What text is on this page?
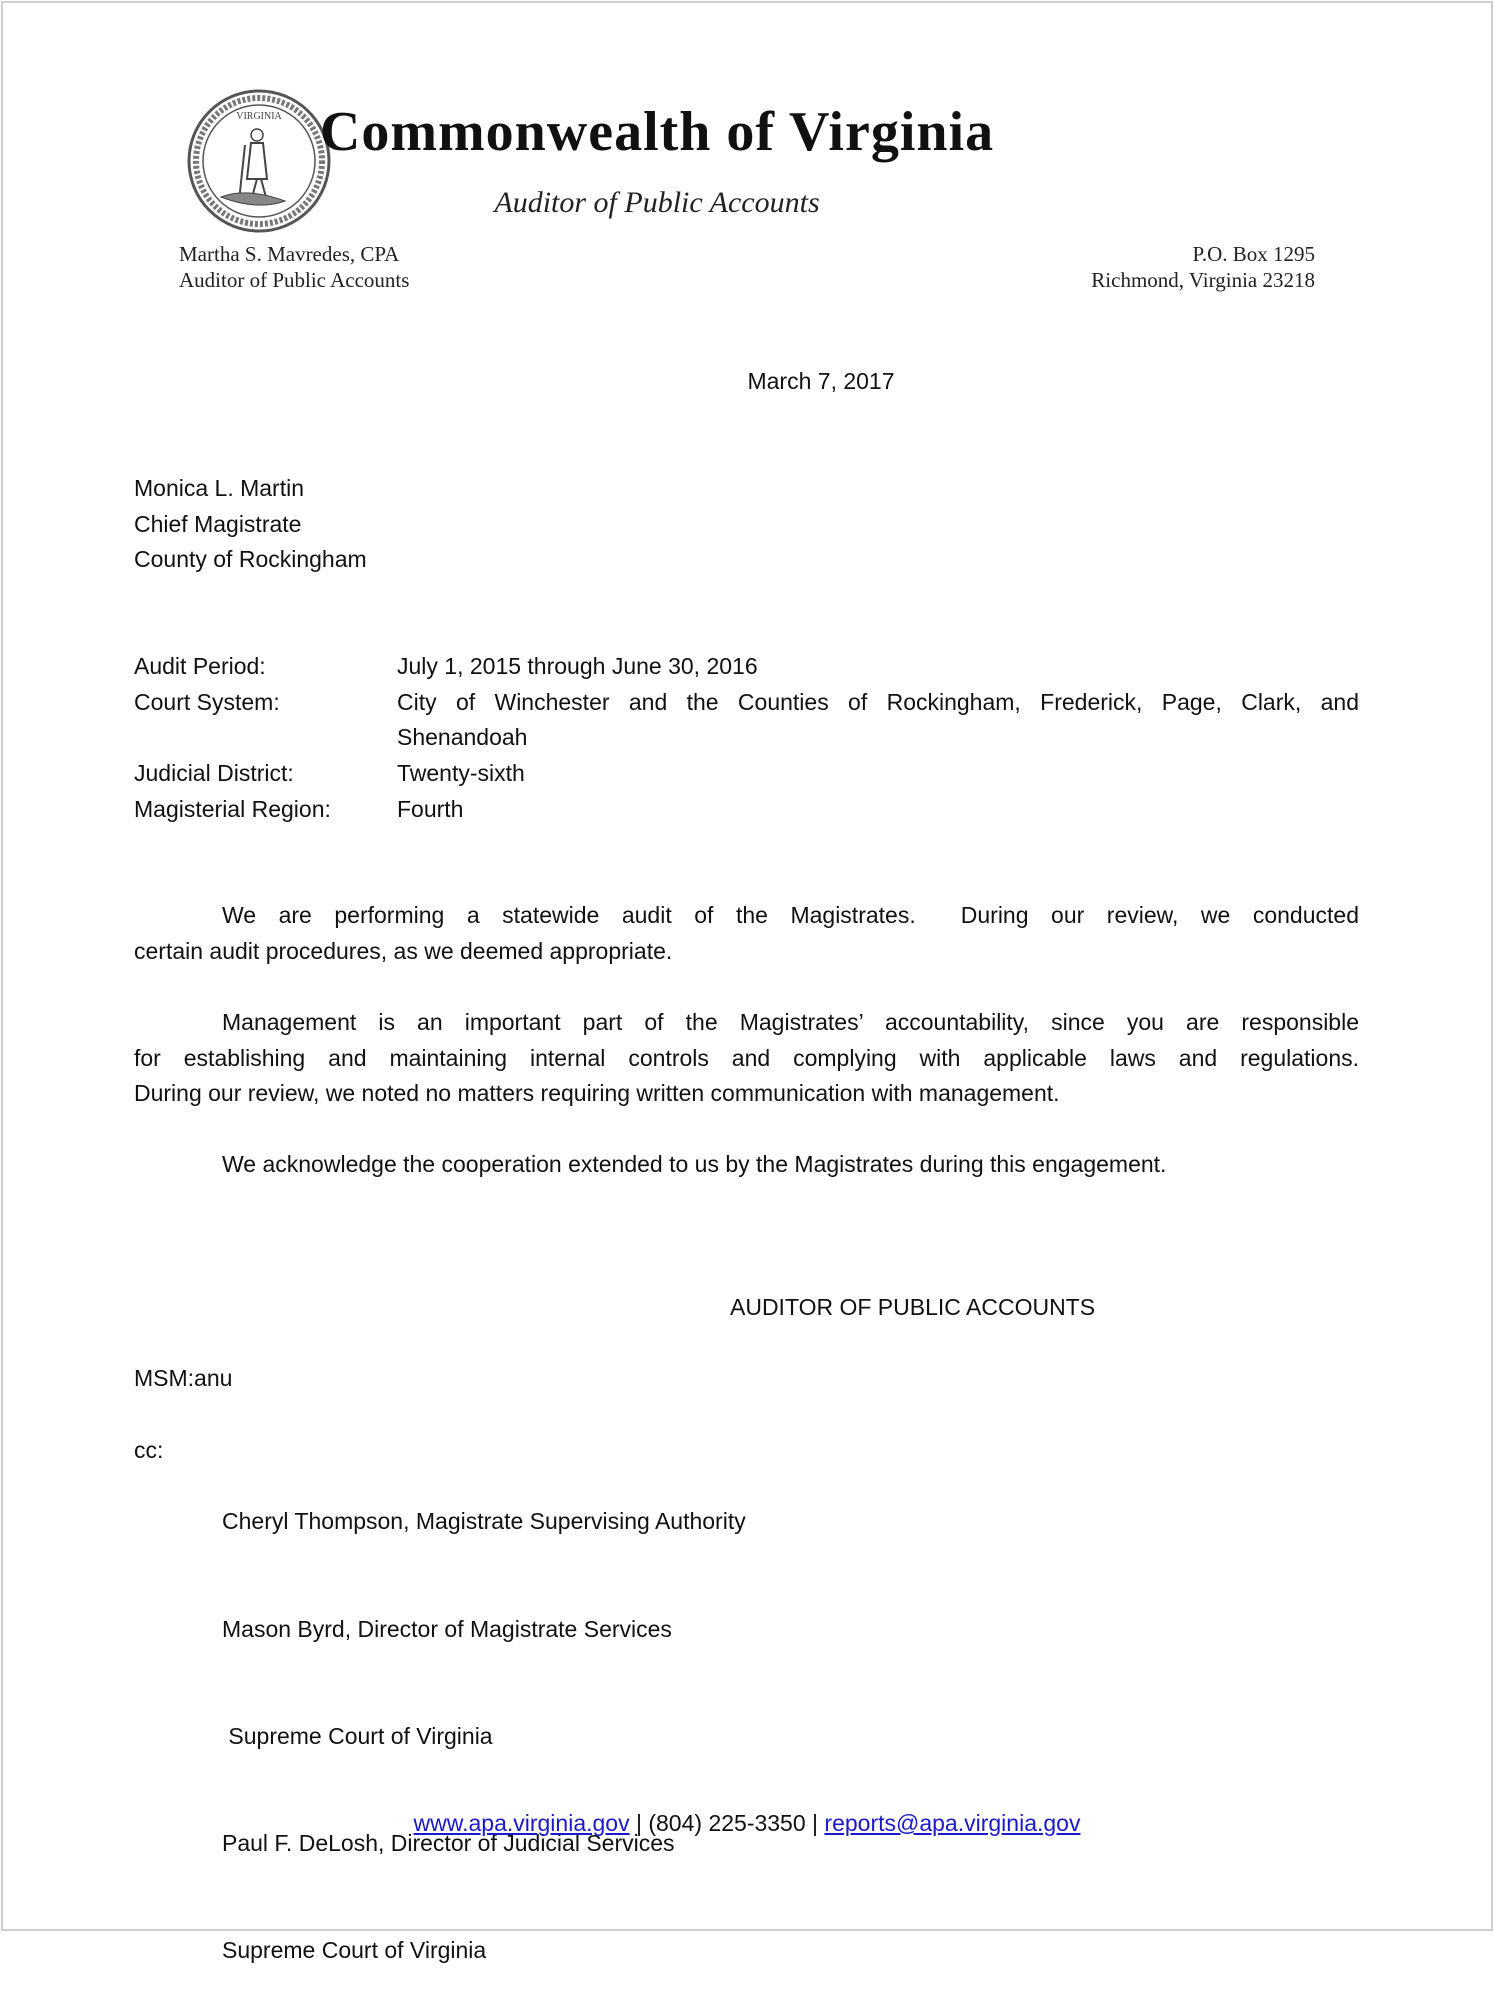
VIRGINIA Commonwealth of Virginia
Auditor of Public Accounts
Martha S. Mavredes, CPA
Auditor of Public Accounts
P.O. Box 1295
Richmond, Virginia 23218
March 7, 2017
Monica L. Martin
Chief Magistrate
County of Rockingham
Audit Period:	July 1, 2015 through June 30, 2016
Court System:	City of Winchester and the Counties of Rockingham, Frederick, Page, Clark, and
Shenandoah
Judicial District:	Twenty-sixth
Magisterial Region:	Fourth
We are performing a statewide audit of the Magistrates.  During our review, we conducted
certain audit procedures, as we deemed appropriate.
Management is an important part of the Magistrates’ accountability, since you are responsible
for establishing and maintaining internal controls and complying with applicable laws and regulations.
During our review, we noted no matters requiring written communication with management.
We acknowledge the cooperation extended to us by the Magistrates during this engagement.
AUDITOR OF PUBLIC ACCOUNTS
MSM:anu
cc:

Cheryl Thompson, Magistrate Supervising Authority

Mason Byrd, Director of Magistrate Services

Supreme Court of Virginia

Paul F. DeLosh, Director of Judicial Services

Supreme Court of Virginia

www.apa.virginia.gov | (804) 225-3350 | reports@apa.virginia.gov
